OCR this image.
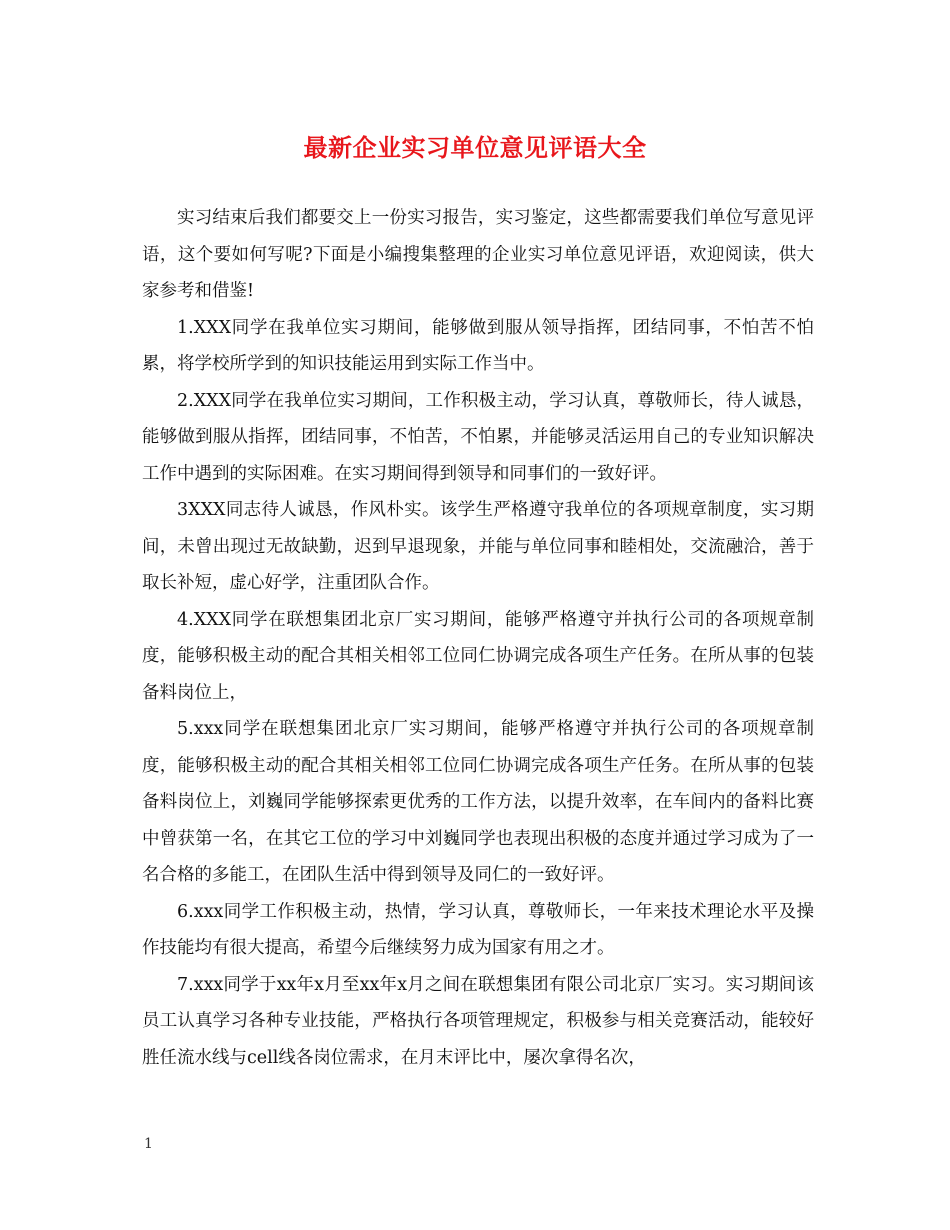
最新企业实习单位意见评语大全

实习结束后我们都要交上一份实习报告，实习鉴定，这些都需要我们单位写意见评语，这个要如何写呢?下面是小编搜集整理的企业实习单位意见评语，欢迎阅读，供大家参考和借鉴!

1.XXX同学在我单位实习期间，能够做到服从领导指挥，团结同事，不怕苦不怕累，将学校所学到的知识技能运用到实际工作当中。

2.XXX同学在我单位实习期间，工作积极主动，学习认真，尊敬师长，待人诚恳，能够做到服从指挥，团结同事，不怕苦，不怕累，并能够灵活运用自己的专业知识解决工作中遇到的实际困难。在实习期间得到领导和同事们的一致好评。

3XXX同志待人诚恳，作风朴实。该学生严格遵守我单位的各项规章制度，实习期间，未曾出现过无故缺勤，迟到早退现象，并能与单位同事和睦相处，交流融洽，善于取长补短，虚心好学，注重团队合作。

4.XXX同学在联想集团北京厂实习期间，能够严格遵守并执行公司的各项规章制度，能够积极主动的配合其相关相邻工位同仁协调完成各项生产任务。在所从事的包装备料岗位上，

5.xxx同学在联想集团北京厂实习期间，能够严格遵守并执行公司的各项规章制度，能够积极主动的配合其相关相邻工位同仁协调完成各项生产任务。在所从事的包装备料岗位上，刘巍同学能够探索更优秀的工作方法，以提升效率，在车间内的备料比赛中曾获第一名，在其它工位的学习中刘巍同学也表现出积极的态度并通过学习成为了一名合格的多能工，在团队生活中得到领导及同仁的一致好评。

6.xxx同学工作积极主动，热情，学习认真，尊敬师长，一年来技术理论水平及操作技能均有很大提高，希望今后继续努力成为国家有用之才。

7.xxx同学于xx年x月至xx年x月之间在联想集团有限公司北京厂实习。实习期间该员工认真学习各种专业技能，严格执行各项管理规定，积极参与相关竞赛活动，能较好胜任流水线与cell线各岗位需求，在月末评比中，屡次拿得名次，

1
